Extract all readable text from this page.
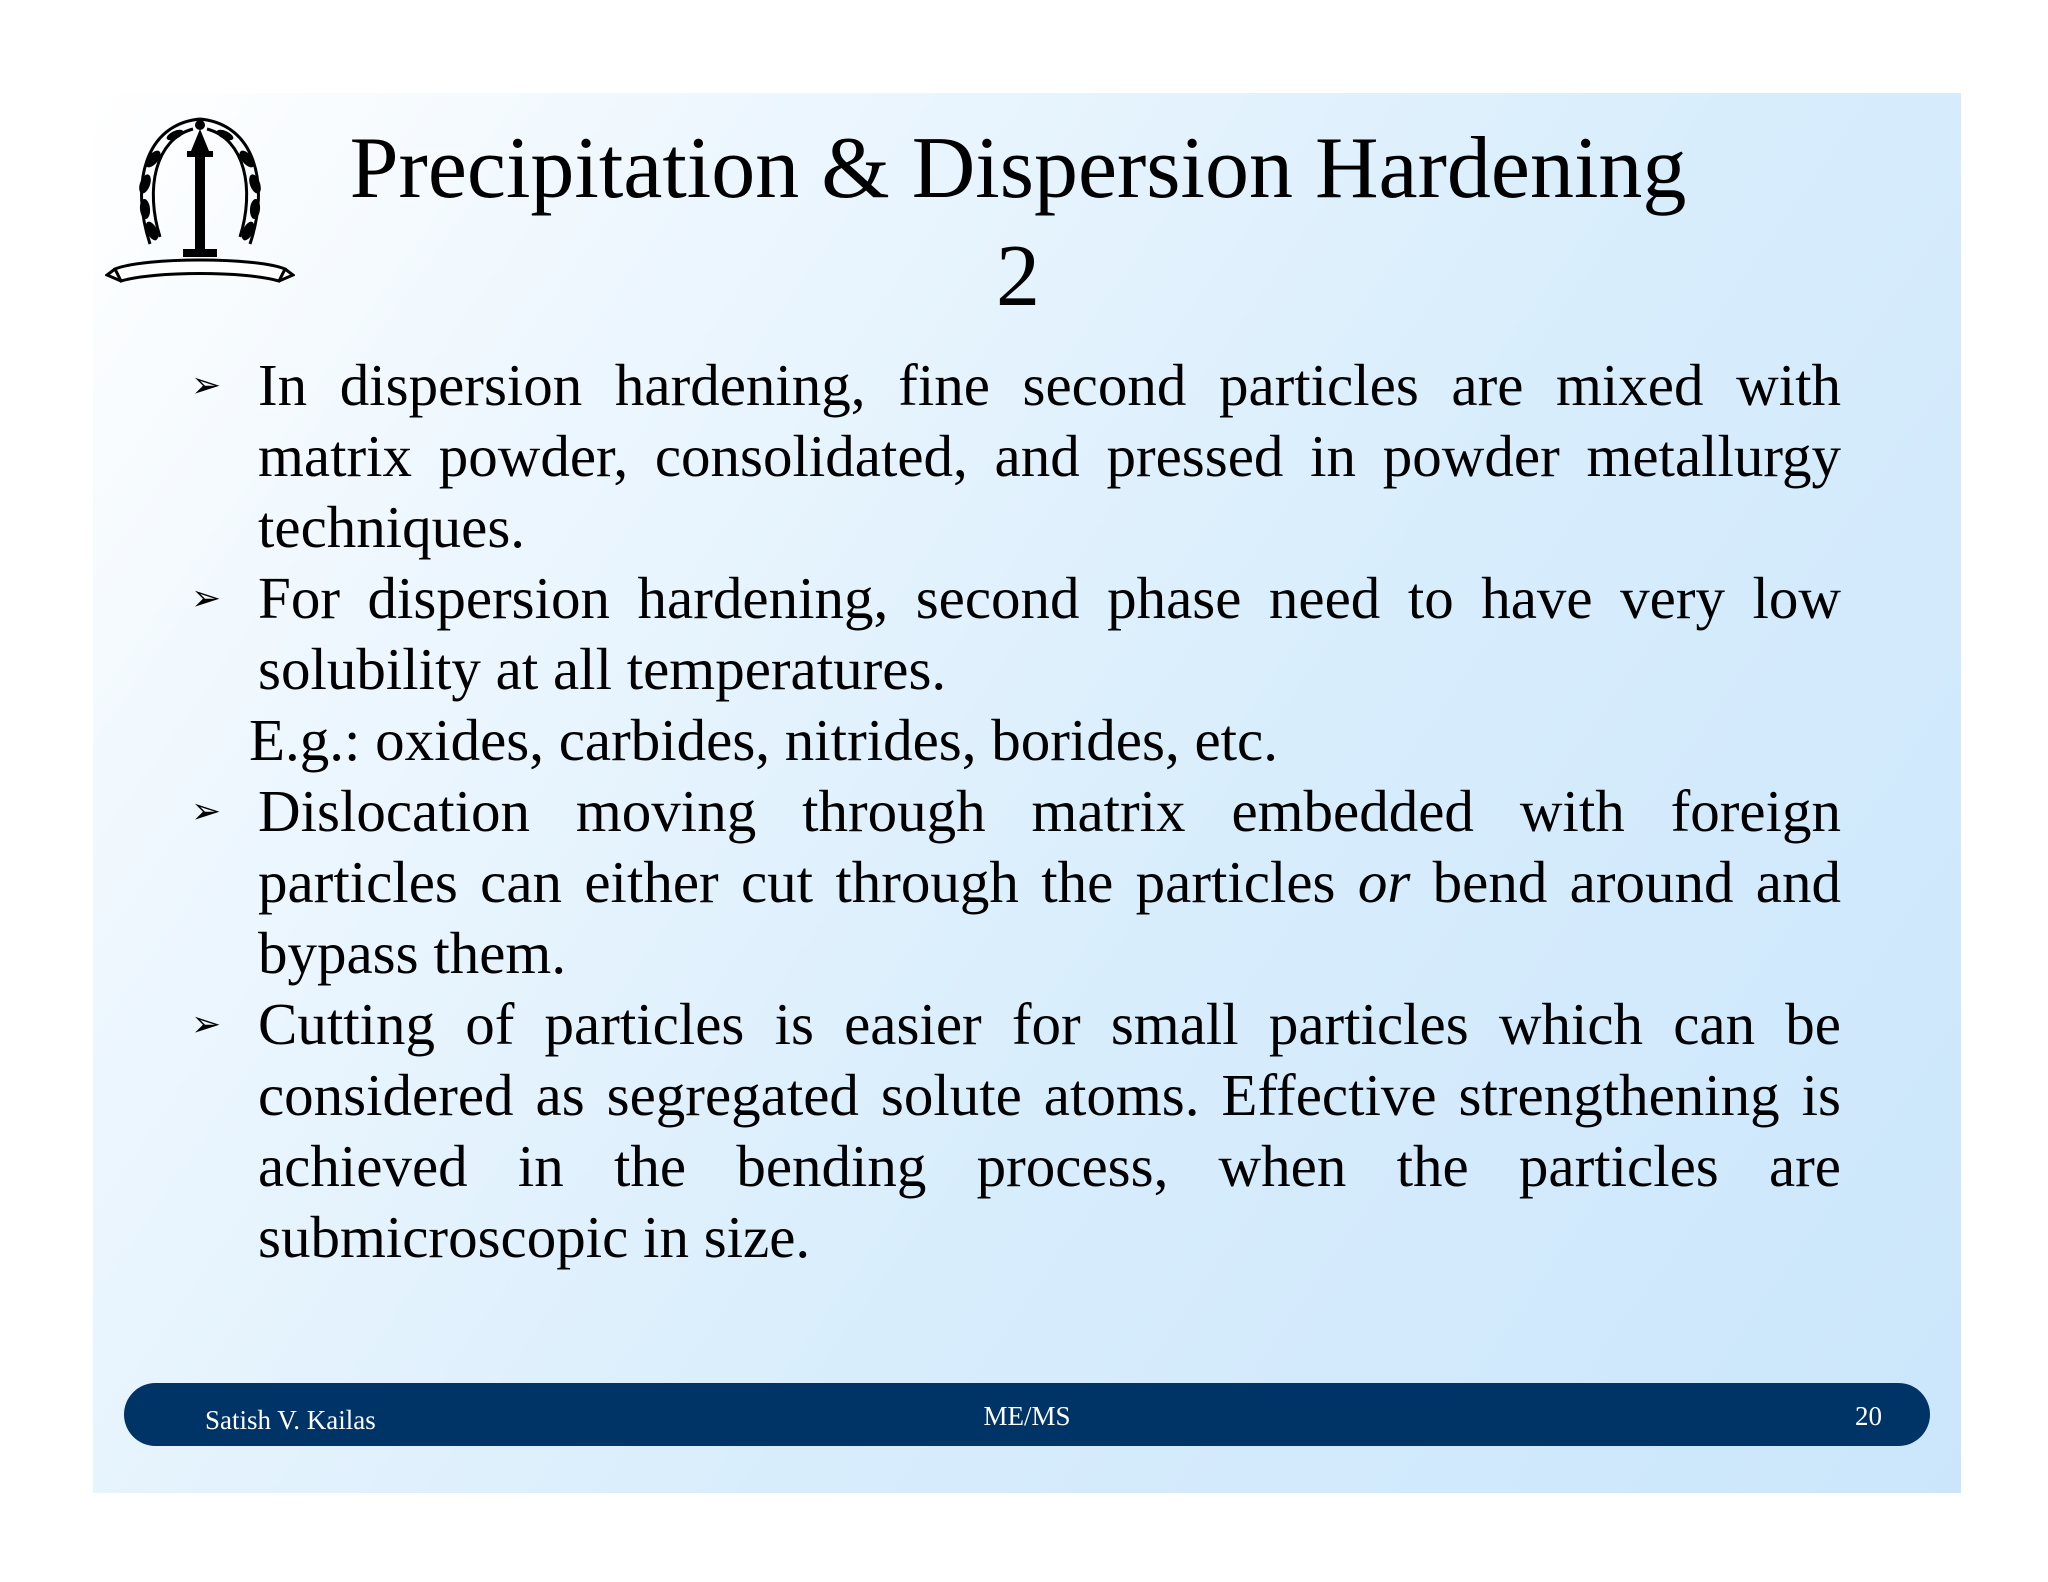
Precipitation & Dispersion Hardening
2
➢ In dispersion hardening, fine second particles are mixed with matrix powder, consolidated, and pressed in powder metallurgy techniques.
➢ For dispersion hardening, second phase need to have very low solubility at all temperatures.
E.g.: oxides, carbides, nitrides, borides, etc.
➢ Dislocation moving through matrix embedded with foreign particles can either cut through the particles or bend around and bypass them.
➢ Cutting of particles is easier for small particles which can be considered as segregated solute atoms. Effective strengthening is achieved in the bending process, when the particles are submicroscopic in size.
Satish V. Kailas	ME/MS	20
